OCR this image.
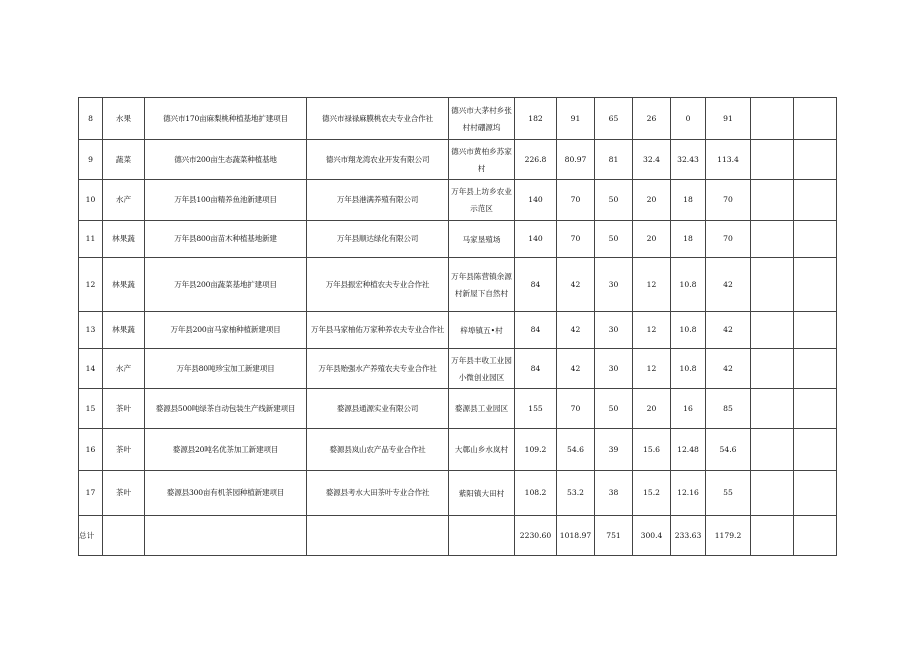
8	水果	德兴市170亩麻梨桃种植基地扩建项目	德兴市禄禄麻膜桃农夫专业合作社	德兴市大茅村乡张村村硼源坞	182	91	65	26	0	91		
9	蔬菜	德兴市200亩生态蔬菜种植基地	德兴市翔龙湾农业开发有限公司	德兴市黄柏乡苏家村	226.8	80.97	81	32.4	32.43	113.4		
10	水产	万年县100亩精养鱼池新建项目	万年县港满养殖有限公司	万年县上坊乡农业示范区	140	70	50	20	18	70		
11	林果蔬	万年县800亩苗木种植基地新建	万年县顺达绿化有限公司	马家垦殖场	140	70	50	20	18	70		
12	林果蔬	万年县200亩蔬菜基地扩建项目	万年县振宏种植农夫专业合作社	万年县陈营镇余源村新屋下自然村	84	42	30	12	10.8	42		
13	林果蔬	万年县200亩马家柚种植新建项目	万年县马家柚佑万家种养农夫专业合作社	梓埠镇五•村	84	42	30	12	10.8	42		
14	水产	万年县80吨珍宝加工新建项目	万年县贻强水产养殖农夫专业合作社	万年县丰收工业园小微创业园区	84	42	30	12	10.8	42		
15	茶叶	婺源县500吨绿茶自动包装生产线新建项目	婺源县通源实业有限公司	婺源县工业园区	155	70	50	20	16	85		
16	茶叶	婺源县20吨名优茶加工新建项目	婺源县岚山农产品专业合作社	大鄣山乡水岚村	109.2	54.6	39	15.6	12.48	54.6		
17	茶叶	婺源县300亩有机茶园种植新建项目	婺源县考水大田茶叶专业合作社	紫阳镇大田村	108.2	53.2	38	15.2	12.16	55		
总计					2230.60	1018.97	751	300.4	233.63	1179.2		
